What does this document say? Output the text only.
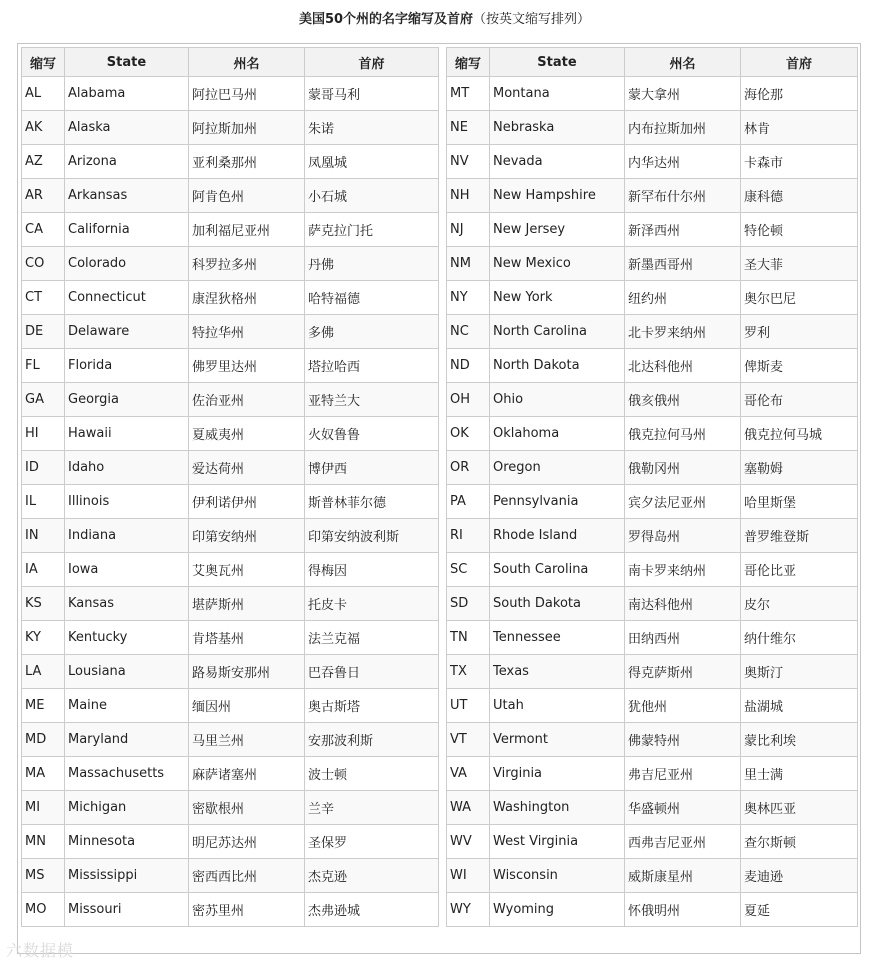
美国50个州的名字缩写及首府（按英文缩写排列）
缩写	State	州名	首府
AL	Alabama	阿拉巴马州	蒙哥马利
AK	Alaska	阿拉斯加州	朱诺
AZ	Arizona	亚利桑那州	凤凰城
AR	Arkansas	阿肯色州	小石城
CA	California	加利福尼亚州	萨克拉门托
CO	Colorado	科罗拉多州	丹佛
CT	Connecticut	康涅狄格州	哈特福德
DE	Delaware	特拉华州	多佛
FL	Florida	佛罗里达州	塔拉哈西
GA	Georgia	佐治亚州	亚特兰大
HI	Hawaii	夏威夷州	火奴鲁鲁
ID	Idaho	爱达荷州	博伊西
IL	Illinois	伊利诺伊州	斯普林菲尔德
IN	Indiana	印第安纳州	印第安纳波利斯
IA	Iowa	艾奥瓦州	得梅因
KS	Kansas	堪萨斯州	托皮卡
KY	Kentucky	肯塔基州	法兰克福
LA	Lousiana	路易斯安那州	巴吞鲁日
ME	Maine	缅因州	奥古斯塔
MD	Maryland	马里兰州	安那波利斯
MA	Massachusetts	麻萨诸塞州	波士顿
MI	Michigan	密歇根州	兰辛
MN	Minnesota	明尼苏达州	圣保罗
MS	Mississippi	密西西比州	杰克逊
MO	Missouri	密苏里州	杰弗逊城
缩写	State	州名	首府
MT	Montana	蒙大拿州	海伦那
NE	Nebraska	内布拉斯加州	林肯
NV	Nevada	内华达州	卡森市
NH	New Hampshire	新罕布什尔州	康科德
NJ	New Jersey	新泽西州	特伦顿
NM	New Mexico	新墨西哥州	圣大菲
NY	New York	纽约州	奥尔巴尼
NC	North Carolina	北卡罗来纳州	罗利
ND	North Dakota	北达科他州	俾斯麦
OH	Ohio	俄亥俄州	哥伦布
OK	Oklahoma	俄克拉何马州	俄克拉何马城
OR	Oregon	俄勒冈州	塞勒姆
PA	Pennsylvania	宾夕法尼亚州	哈里斯堡
RI	Rhode Island	罗得岛州	普罗维登斯
SC	South Carolina	南卡罗来纳州	哥伦比亚
SD	South Dakota	南达科他州	皮尔
TN	Tennessee	田纳西州	纳什维尔
TX	Texas	得克萨斯州	奥斯汀
UT	Utah	犹他州	盐湖城
VT	Vermont	佛蒙特州	蒙比利埃
VA	Virginia	弗吉尼亚州	里士满
WA	Washington	华盛顿州	奥林匹亚
WV	West Virginia	西弗吉尼亚州	查尔斯顿
WI	Wisconsin	威斯康星州	麦迪逊
WY	Wyoming	怀俄明州	夏延
六数据模
